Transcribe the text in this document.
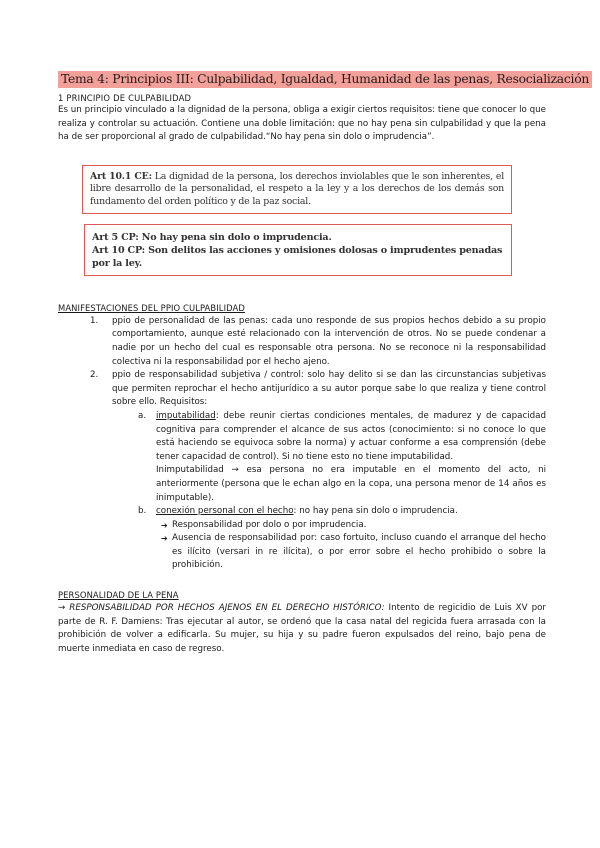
Tema 4: Principios III: Culpabilidad, Igualdad, Humanidad de las penas, Resocialización
1 PRINCIPIO DE CULPABILIDAD

Es un principio vinculado a la dignidad de la persona, obliga a exigir ciertos requisitos: tiene que conocer lo que realiza y controlar su actuación. Contiene una doble limitación: que no hay pena sin culpabilidad y que la pena ha de ser proporcional al grado de culpabilidad.“No hay pena sin dolo o imprudencia”.

Art 10.1 CE: La dignidad de la persona, los derechos inviolables que le son inherentes, el libre desarrollo de la personalidad, el respeto a la ley y a los derechos de los demás son fundamento del orden político y de la paz social.
Art 5 CP: No hay pena sin dolo o imprudencia.
Art 10 CP: Son delitos las acciones y omisiones dolosas o imprudentes penadas por la ley.
MANIFESTACIONES DEL PPIO CULPABILIDAD
1. ppio de personalidad de las penas: cada uno responde de sus propios hechos debido a su propio comportamiento, aunque esté relacionado con la intervención de otros. No se puede condenar a nadie por un hecho del cual es responsable otra persona. No se reconoce ni la responsabilidad colectiva ni la responsabilidad por el hecho ajeno.

2. ppio de responsabilidad subjetiva / control: solo hay delito si se dan las circunstancias subjetivas que permiten reprochar el hecho antijurídico a su autor porque sabe lo que realiza y tiene control sobre ello. Requisitos:

a. imputabilidad: debe reunir ciertas condiciones mentales, de madurez y de capacidad cognitiva para comprender el alcance de sus actos (conocimiento: si no conoce lo que está haciendo se equivoca sobre la norma) y actuar conforme a esa comprensión (debe tener capacidad de control). Si no tiene esto no tiene imputabilidad.

Inimputabilidad → esa persona no era imputable en el momento del acto, ni anteriormente (persona que le echan algo en la copa, una persona menor de 14 años es inimputable).

b. conexión personal con el hecho: no hay pena sin dolo o imprudencia.

➔ Responsabilidad por dolo o por imprudencia.

➔ Ausencia de responsabilidad por: caso fortuito, incluso cuando el arranque del hecho es ilícito (versari in re ilícita), o por error sobre el hecho prohibido o sobre la prohibición.

PERSONALIDAD DE LA PENA

→ RESPONSABILIDAD POR HECHOS AJENOS EN EL DERECHO HISTÓRICO: Intento de regicidio de Luis XV por parte de R. F. Damiens: Tras ejecutar al autor, se ordenó que la casa natal del regicida fuera arrasada con la prohibición de volver a edificarla. Su mujer, su hija y su padre fueron expulsados del reino, bajo pena de muerte inmediata en caso de regreso.
